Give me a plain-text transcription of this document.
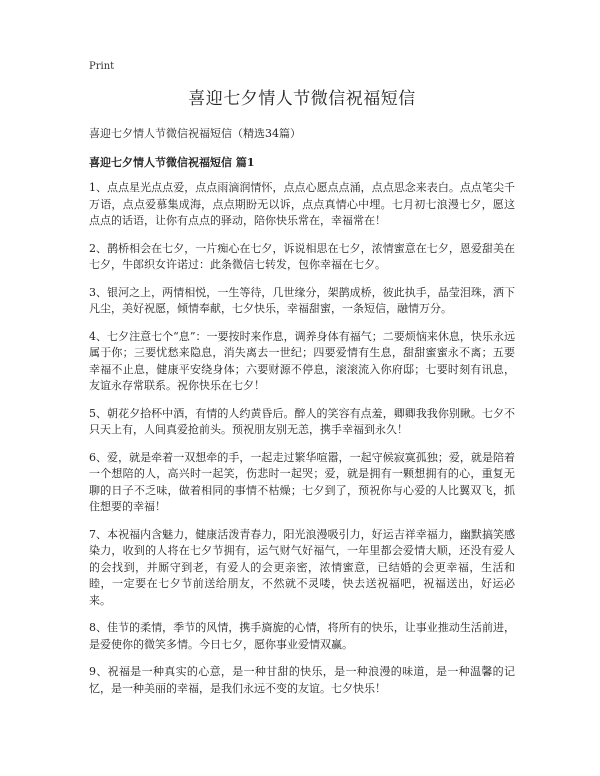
Print
喜迎七夕情人节微信祝福短信
喜迎七夕情人节微信祝福短信（精选34篇）
喜迎七夕情人节微信祝福短信 篇1

1、点点星光点点爱，点点雨滴润情怀，点点心愿点点涌，点点思念来表白。点点笔尖千万语，点点爱慕集成海，点点期盼无以诉，点点真情心中埋。七月初七浪漫七夕，愿这点点的话语，让你有点点的驿动，陪你快乐常在，幸福常在！

2、鹊桥相会在七夕，一片痴心在七夕，诉说相思在七夕，浓情蜜意在七夕，恩爱甜美在七夕，牛郎织女许诺过：此条微信七转发，包你幸福在七夕。

3、银河之上，两情相悦，一生等待，几世缘分，架鹊成桥，彼此执手，晶莹泪珠，洒下凡尘，美好祝愿，倾情奉献，七夕快乐，幸福甜蜜，一条短信，融情万分。

4、七夕注意七个“息”：一要按时来作息，调养身体有福气；二要烦恼来休息，快乐永远属于你；三要忧愁来隐息，消失离去一世纪；四要爱情有生息，甜甜蜜蜜永不离；五要幸福不止息，健康平安绕身体；六要财源不停息，滚滚流入你府邸；七要时刻有讯息，友谊永存常联系。祝你快乐在七夕！

5、朝花夕拾杯中酒，有情的人约黄昏后。醉人的笑容有点羞，卿卿我我你别瞅。七夕不只天上有，人间真爱抢前头。预祝朋友别无恙，携手幸福到永久！

6、爱，就是牵着一双想牵的手，一起走过繁华喧嚣，一起守候寂寞孤独；爱，就是陪着一个想陪的人，高兴时一起笑，伤悲时一起哭；爱，就是拥有一颗想拥有的心，重复无聊的日子不乏味，做着相同的事情不枯燥；七夕到了，预祝你与心爱的人比翼双飞，抓住想要的幸福！

7、本祝福内含魅力，健康活泼青春力，阳光浪漫吸引力，好运吉祥幸福力，幽默搞笑感染力，收到的人将在七夕节拥有，运气财气好福气，一年里都会爱情大顺，还没有爱人的会找到，并厮守到老，有爱人的会更亲密，浓情蜜意，已结婚的会更幸福，生活和睦，一定要在七夕节前送给朋友，不然就不灵喽，快去送祝福吧，祝福送出，好运必来。

8、佳节的柔情，季节的风情，携手旖旎的心情，将所有的快乐，让事业推动生活前进，是爱使你的微笑多情。今日七夕，愿你事业爱情双赢。

9、祝福是一种真实的心意，是一种甘甜的快乐，是一种浪漫的味道，是一种温馨的记忆，是一种美丽的幸福，是我们永远不变的友谊。七夕快乐！
